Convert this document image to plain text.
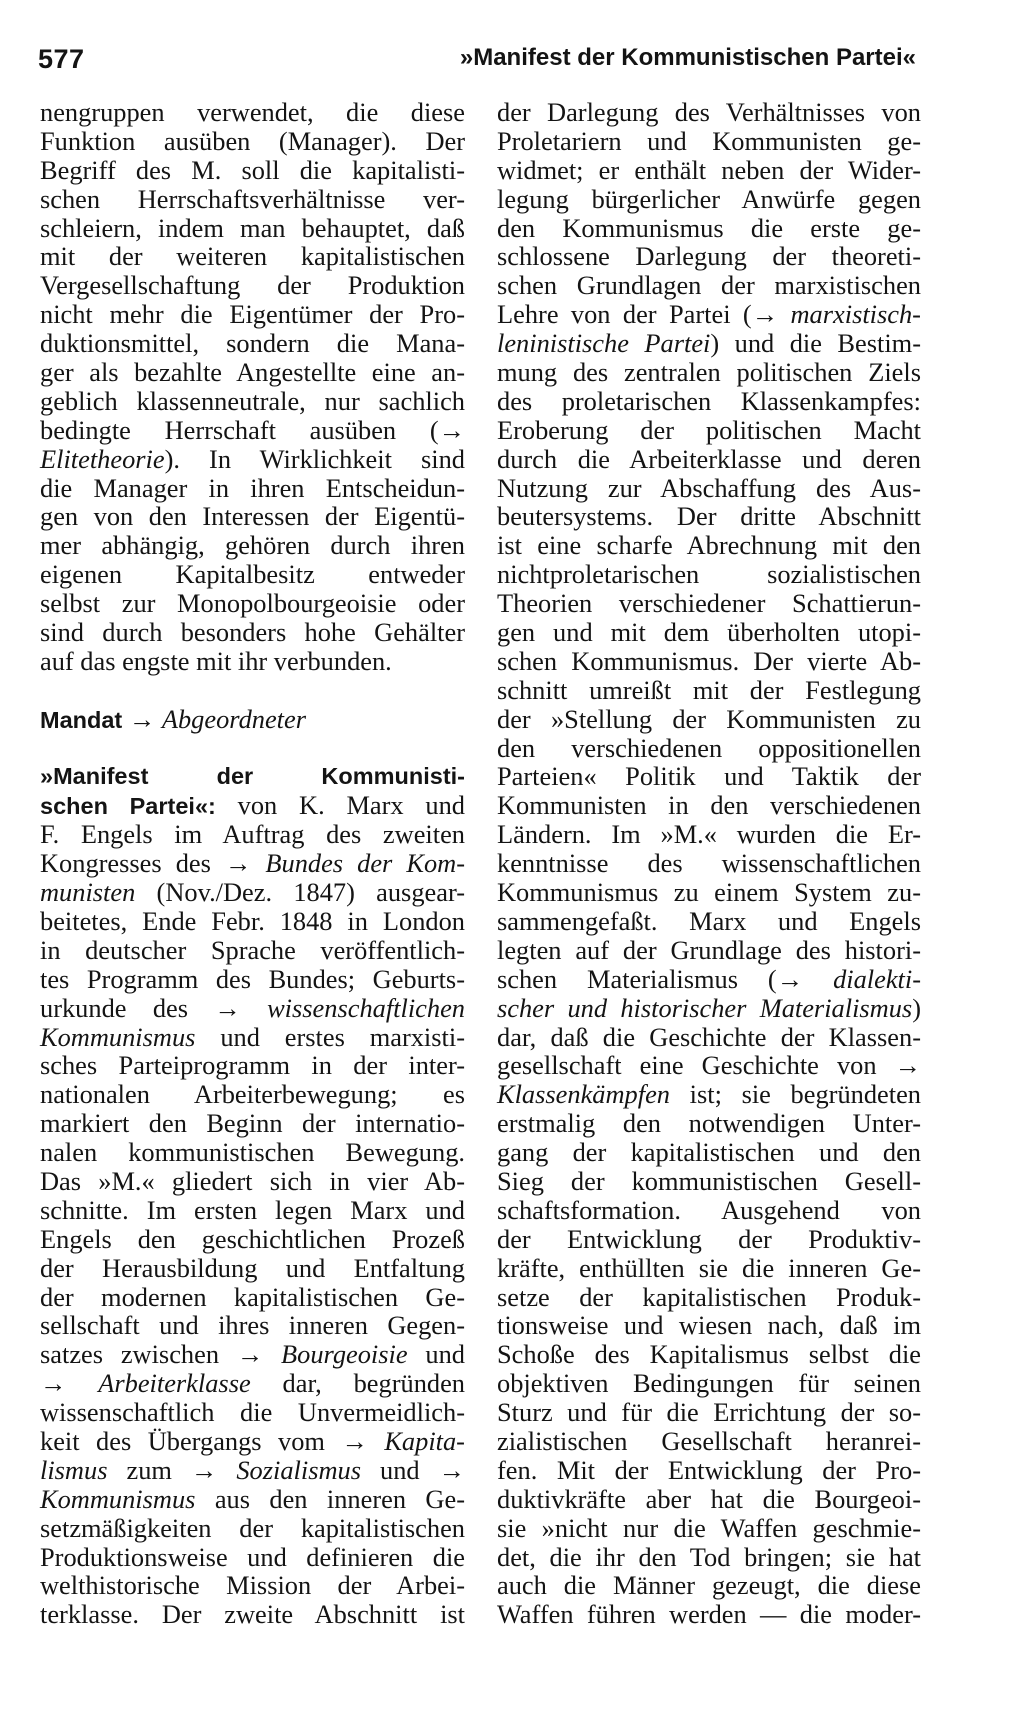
577	»Manifest der Kommunistischen Partei«
nengruppen verwendet, die diese
Funktion ausüben (Manager). Der
Begriff des M. soll die kapitalisti-
schen Herrschaftsverhältnisse ver-
schleiern, indem man behauptet, daß
mit der weiteren kapitalistischen
Vergesellschaftung der Produktion
nicht mehr die Eigentümer der Pro-
duktionsmittel, sondern die Mana-
ger als bezahlte Angestellte eine an-
geblich klassenneutrale, nur sachlich
bedingte Herrschaft ausüben (→
Elitetheorie). In Wirklichkeit sind
die Manager in ihren Entscheidun-
gen von den Interessen der Eigentü-
mer abhängig, gehören durch ihren
eigenen Kapitalbesitz entweder
selbst zur Monopolbourgeoisie oder
sind durch besonders hohe Gehälter
auf das engste mit ihr verbunden.
Mandat → Abgeordneter
»Manifest der Kommunisti-
schen Partei«: von K. Marx und
F. Engels im Auftrag des zweiten
Kongresses des → Bundes der Kom-
munisten (Nov./Dez. 1847) ausgear-
beitetes, Ende Febr. 1848 in London
in deutscher Sprache veröffentlich-
tes Programm des Bundes; Geburts-
urkunde des → wissenschaftlichen
Kommunismus und erstes marxisti-
sches Parteiprogramm in der inter-
nationalen Arbeiterbewegung; es
markiert den Beginn der internatio-
nalen kommunistischen Bewegung.
Das »M.« gliedert sich in vier Ab-
schnitte. Im ersten legen Marx und
Engels den geschichtlichen Prozeß
der Herausbildung und Entfaltung
der modernen kapitalistischen Ge-
sellschaft und ihres inneren Gegen-
satzes zwischen → Bourgeoisie und
→ Arbeiterklasse dar, begründen
wissenschaftlich die Unvermeidlich-
keit des Übergangs vom → Kapita-
lismus zum → Sozialismus und →
Kommunismus aus den inneren Ge-
setzmäßigkeiten der kapitalistischen
Produktionsweise und definieren die
welthistorische Mission der Arbei-
terklasse. Der zweite Abschnitt ist
der Darlegung des Verhältnisses von
Proletariern und Kommunisten ge-
widmet; er enthält neben der Wider-
legung bürgerlicher Anwürfe gegen
den Kommunismus die erste ge-
schlossene Darlegung der theoreti-
schen Grundlagen der marxistischen
Lehre von der Partei (→ marxistisch-
leninistische Partei) und die Bestim-
mung des zentralen politischen Ziels
des proletarischen Klassenkampfes:
Eroberung der politischen Macht
durch die Arbeiterklasse und deren
Nutzung zur Abschaffung des Aus-
beutersystems. Der dritte Abschnitt
ist eine scharfe Abrechnung mit den
nichtproletarischen sozialistischen
Theorien verschiedener Schattierun-
gen und mit dem überholten utopi-
schen Kommunismus. Der vierte Ab-
schnitt umreißt mit der Festlegung
der »Stellung der Kommunisten zu
den verschiedenen oppositionellen
Parteien« Politik und Taktik der
Kommunisten in den verschiedenen
Ländern. Im »M.« wurden die Er-
kenntnisse des wissenschaftlichen
Kommunismus zu einem System zu-
sammengefaßt. Marx und Engels
legten auf der Grundlage des histori-
schen Materialismus (→ dialekti-
scher und historischer Materialismus)
dar, daß die Geschichte der Klassen-
gesellschaft eine Geschichte von →
Klassenkämpfen ist; sie begründeten
erstmalig den notwendigen Unter-
gang der kapitalistischen und den
Sieg der kommunistischen Gesell-
schaftsformation. Ausgehend von
der Entwicklung der Produktiv-
kräfte, enthüllten sie die inneren Ge-
setze der kapitalistischen Produk-
tionsweise und wiesen nach, daß im
Schoße des Kapitalismus selbst die
objektiven Bedingungen für seinen
Sturz und für die Errichtung der so-
zialistischen Gesellschaft heranrei-
fen. Mit der Entwicklung der Pro-
duktivkräfte aber hat die Bourgeoi-
sie »nicht nur die Waffen geschmie-
det, die ihr den Tod bringen; sie hat
auch die Männer gezeugt, die diese
Waffen führen werden — die moder-
